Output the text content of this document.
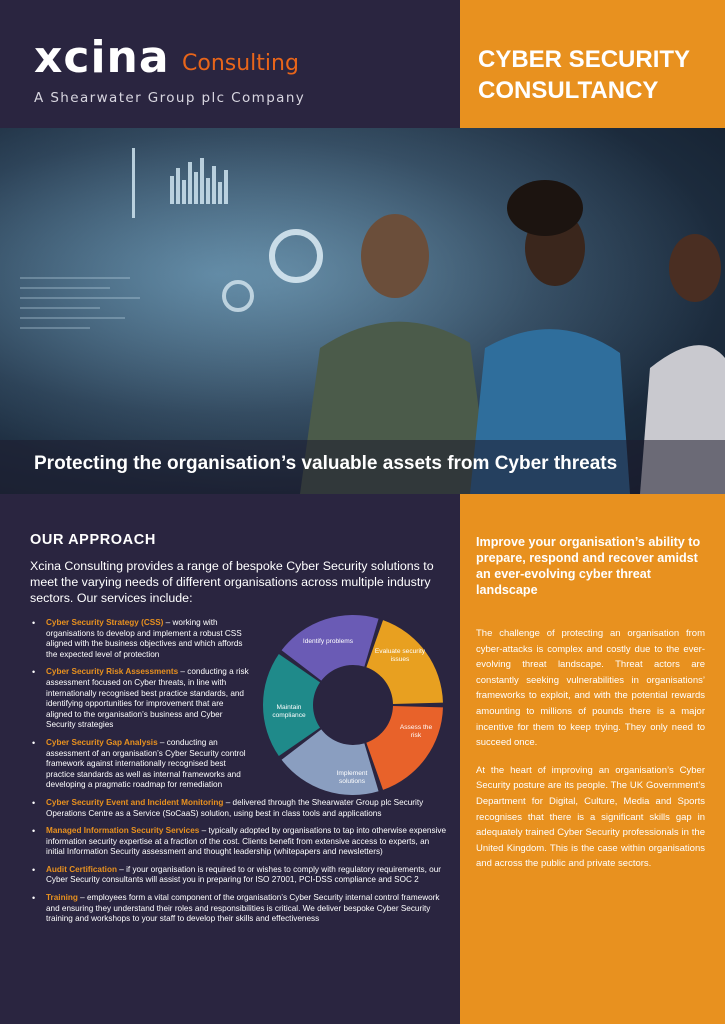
xcina Consulting
A Shearwater Group plc Company
CYBER SECURITY
CONSULTANCY
Protecting the organisation’s valuable assets from Cyber threats
OUR APPROACH
Xcina Consulting provides a range of bespoke Cyber Security solutions to meet the varying needs of different organisations across multiple industry sectors. Our services include:
• Cyber Security Strategy (CSS) – working with organisations to develop and implement a robust CSS aligned with the business objectives and which affords the expected level of protection
• Cyber Security Risk Assessments – conducting a risk assessment focused on Cyber threats, in line with internationally recognised best practice standards, and identifying opportunities for improvement that are aligned to the organisation’s business and Cyber Security strategies
• Cyber Security Gap Analysis – conducting an assessment of an organisation’s Cyber Security control framework against internationally recognised best practice standards as well as internal frameworks and developing a pragmatic roadmap for remediation
• Cyber Security Event and Incident Monitoring – delivered through the Shearwater Group plc Security Operations Centre as a Service (SoCaaS) solution, using best in class tools and applications
• Managed Information Security Services – typically adopted by organisations to tap into otherwise expensive information security expertise at a fraction of the cost. Clients benefit from extensive access to experts, an initial Information Security assessment and thought leadership (whitepapers and newsletters)
• Audit Certification – if your organisation is required to or wishes to comply with regulatory requirements, our Cyber Security consultants will assist you in preparing for ISO 27001, PCI-DSS compliance and SOC 2
• Training – employees form a vital component of the organisation’s Cyber Security internal control framework and ensuring they understand their roles and responsibilities is critical. We deliver bespoke Cyber Security training and workshops to your staff to develop their skills and effectiveness
Identify problems
Evaluate security issues
Assess the risk
Implement solutions
Maintain compliance
Improve your organisation’s ability to prepare, respond and recover amidst an ever-evolving cyber threat landscape
The challenge of protecting an organisation from cyber-attacks is complex and costly due to the ever-evolving threat landscape. Threat actors are constantly seeking vulnerabilities in organisations’ frameworks to exploit, and with the potential rewards amounting to millions of pounds there is a major incentive for them to keep trying. They only need to succeed once.
At the heart of improving an organisation’s Cyber Security posture are its people. The UK Government’s Department for Digital, Culture, Media and Sports recognises that there is a significant skills gap in adequately trained Cyber Security professionals in the United Kingdom. This is the case within organisations and across the public and private sectors.
